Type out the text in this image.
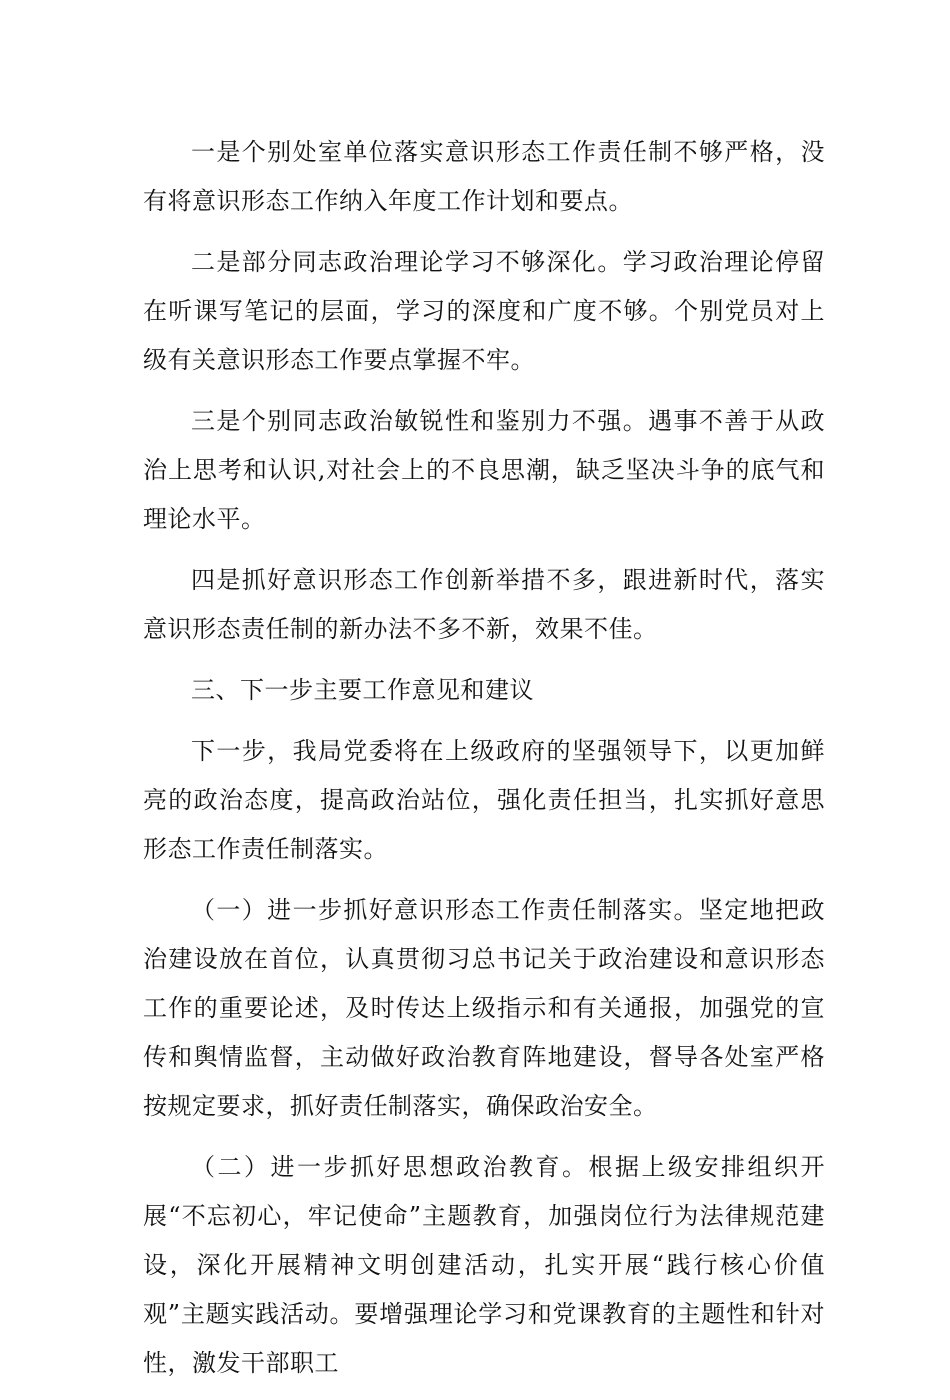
一是个别处室单位落实意识形态工作责任制不够严格，没有将意识形态工作纳入年度工作计划和要点。

二是部分同志政治理论学习不够深化。学习政治理论停留在听课写笔记的层面，学习的深度和广度不够。个别党员对上级有关意识形态工作要点掌握不牢。

三是个别同志政治敏锐性和鉴别力不强。遇事不善于从政治上思考和认识,对社会上的不良思潮，缺乏坚决斗争的底气和理论水平。

四是抓好意识形态工作创新举措不多，跟进新时代，落实意识形态责任制的新办法不多不新，效果不佳。

三、下一步主要工作意见和建议

下一步，我局党委将在上级政府的坚强领导下，以更加鲜亮的政治态度，提高政治站位，强化责任担当，扎实抓好意思形态工作责任制落实。

（一）进一步抓好意识形态工作责任制落实。坚定地把政治建设放在首位，认真贯彻习总书记关于政治建设和意识形态工作的重要论述，及时传达上级指示和有关通报，加强党的宣传和舆情监督，主动做好政治教育阵地建设，督导各处室严格按规定要求，抓好责任制落实，确保政治安全。

（二）进一步抓好思想政治教育。根据上级安排组织开展“不忘初心，牢记使命”主题教育，加强岗位行为法律规范建设，深化开展精神文明创建活动，扎实开展“践行核心价值观”主题实践活动。要增强理论学习和党课教育的主题性和针对性，激发干部职工
